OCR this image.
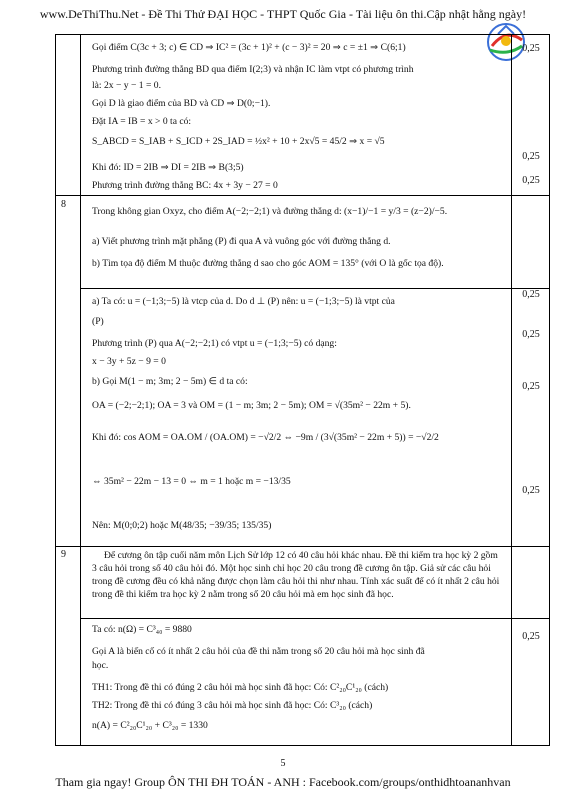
www.DeThiThu.Net - Đề Thi Thử ĐẠI HỌC - THPT Quốc Gia - Tài liệu ôn thi.Cập nhật hằng ngày!
Gọi điểm C(3c + 3; c) ∈ CD ⇒ IC² = (3c + 1)² + (c − 3)² = 20 ⇒ c = ±1 ⇒ C(6;1)
Phương trình đường thẳng BD qua điểm I(2;3) và nhận IC làm vtpt có phương trình
là: 2x − y − 1 = 0.
Gọi D là giao điểm của BD và CD ⇒ D(0;−1).
Đặt IA = IB = x > 0 ta có:
S_ABCD = S_IAB + S_ICD + 2S_IAD = ½x² + 10 + 2x√5 = 45/2 ⇒ x = √5
Khi đó: ID = 2IB ⇒ DI = 2IB ⇒ B(3;5)
Phương trình đường thẳng BC: 4x + 3y − 27 = 0
0,25
0,25
0,25
8
Trong không gian Oxyz, cho điểm A(−2;−2;1) và đường thẳng d: (x−1)/−1 = y/3 = (z−2)/−5.
a) Viết phương trình mặt phẳng (P) đi qua A và vuông góc với đường thẳng d.
b) Tìm tọa độ điểm M thuộc đường thẳng d sao cho góc AOM = 135° (với O là gốc tọa độ).
a) Ta có: u = (−1;3;−5) là vtcp của d. Do d ⊥ (P) nên: u = (−1;3;−5) là vtpt của
(P)
Phương trình (P) qua A(−2;−2;1) có vtpt u = (−1;3;−5) có dạng:
x − 3y + 5z − 9 = 0
b) Gọi M(1 − m; 3m; 2 − 5m) ∈ d ta có:
OA = (−2;−2;1); OA = 3 và OM = (1 − m; 3m; 2 − 5m); OM = √(35m² − 22m + 5).
Khi đó: cos AOM = OA.OM / (OA.OM) = −√2/2 ⇔ −9m / (3√(35m² − 22m + 5)) = −√2/2
⇔ 35m² − 22m − 13 = 0 ⇔ m = 1 hoặc m = −13/35
Nên: M(0;0;2) hoặc M(48/35; −39/35; 135/35)
0,25
0,25
0,25
0,25
9	Để cương ôn tập cuối năm môn Lịch Sử lớp 12 có 40 câu hỏi khác nhau. Đề thi kiểm tra học kỳ 2 gồm 3 câu hỏi trong số 40 câu hỏi đó. Một học sinh chỉ học 20 câu trong đề cương ôn tập. Giả sử các câu hỏi trong đề cương đều có khả năng được chọn làm câu hỏi thi như nhau. Tính xác suất để có ít nhất 2 câu hỏi trong đề thi kiểm tra học kỳ 2 nằm trong số 20 câu hỏi mà em học sinh đã học.
Ta có: n(Ω) = C³₄₀ = 9880
Gọi A là biến cố có ít nhất 2 câu hỏi của đề thi nằm trong số 20 câu hỏi mà học sinh đã
học.
TH1: Trong đề thi có đúng 2 câu hỏi mà học sinh đã học: Có: C²₂₀C¹₂₀ (cách)
TH2: Trong đề thi có đúng 3 câu hỏi mà học sinh đã học: Có: C³₂₀ (cách)
n(A) = C²₂₀C¹₂₀ + C³₂₀ = 1330
0,25
5
Tham gia ngay! Group ÔN THI ĐH TOÁN - ANH : Facebook.com/groups/onthidhtoananhvan
